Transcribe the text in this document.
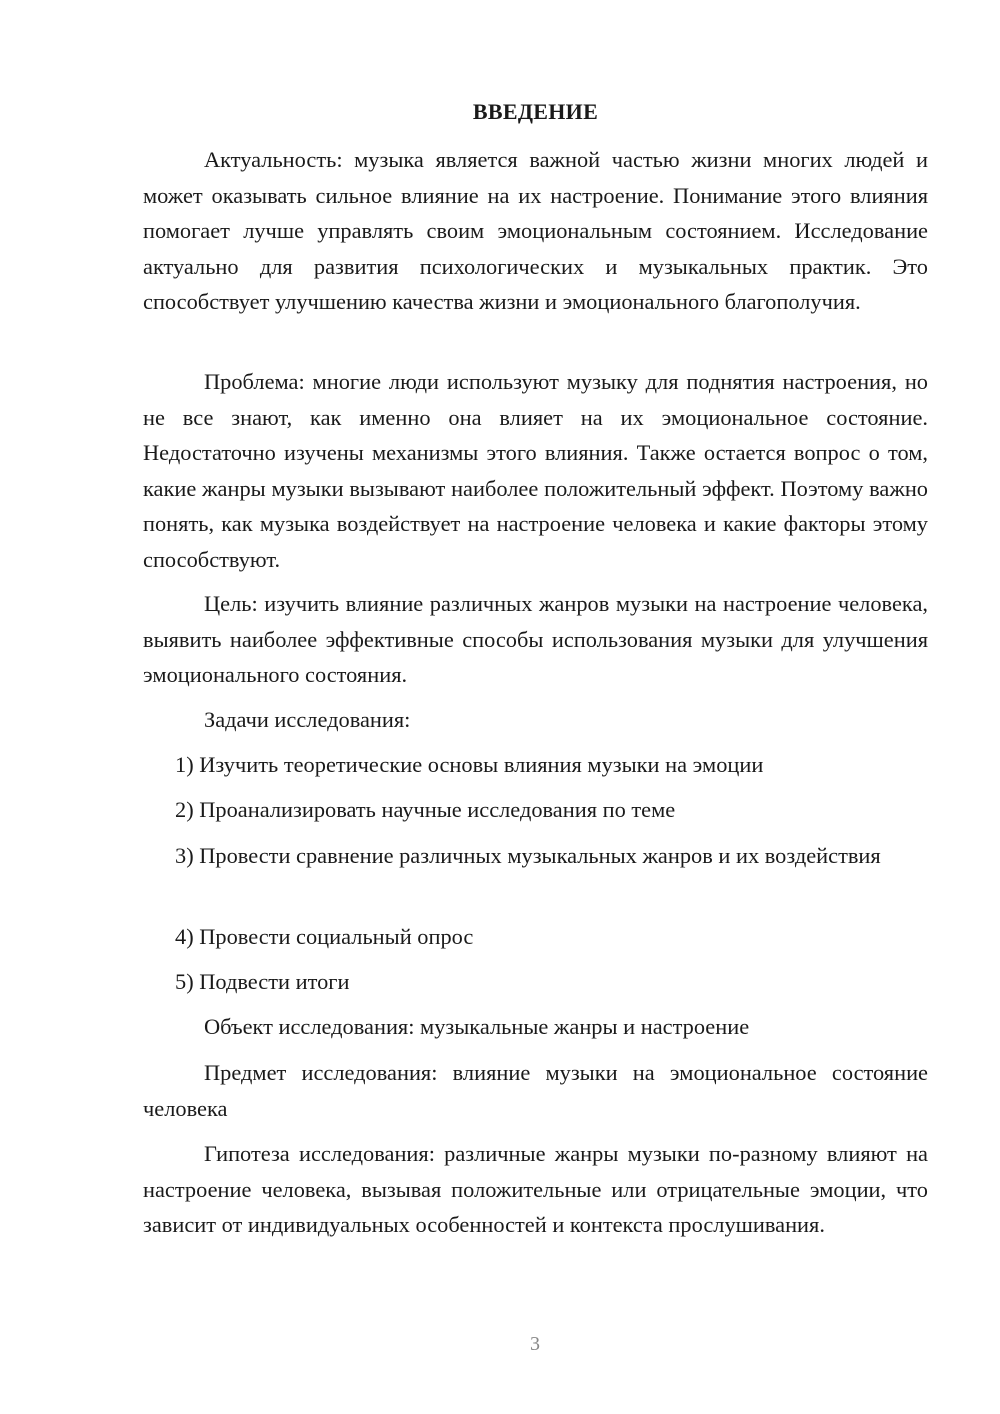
ВВЕДЕНИЕ

Актуальность: музыка является важной частью жизни многих людей и может оказывать сильное влияние на их настроение. Понимание этого влияния помогает лучше управлять своим эмоциональным состоянием. Исследование актуально для развития психологических и музыкальных практик. Это способствует улучшению качества жизни и эмоционального благополучия.

Проблема: многие люди используют музыку для поднятия настроения, но не все знают, как именно она влияет на их эмоциональное состояние. Недостаточно изучены механизмы этого влияния. Также остается вопрос о том, какие жанры музыки вызывают наиболее положительный эффект. Поэтому важно понять, как музыка воздействует на настроение человека и какие факторы этому способствуют.

Цель: изучить влияние различных жанров музыки на настроение человека, выявить наиболее эффективные способы использования музыки для улучшения эмоционального состояния.

Задачи исследования:

1) Изучить теоретические основы влияния музыки на эмоции

2) Проанализировать научные исследования по теме

3) Провести сравнение различных музыкальных жанров и их воздействия

4) Провести социальный опрос

5) Подвести итоги

Объект исследования: музыкальные жанры и настроение

Предмет исследования: влияние музыки на эмоциональное состояние человека

Гипотеза исследования: различные жанры музыки по-разному влияют на настроение человека, вызывая положительные или отрицательные эмоции, что зависит от индивидуальных особенностей и контекста прослушивания.

3
